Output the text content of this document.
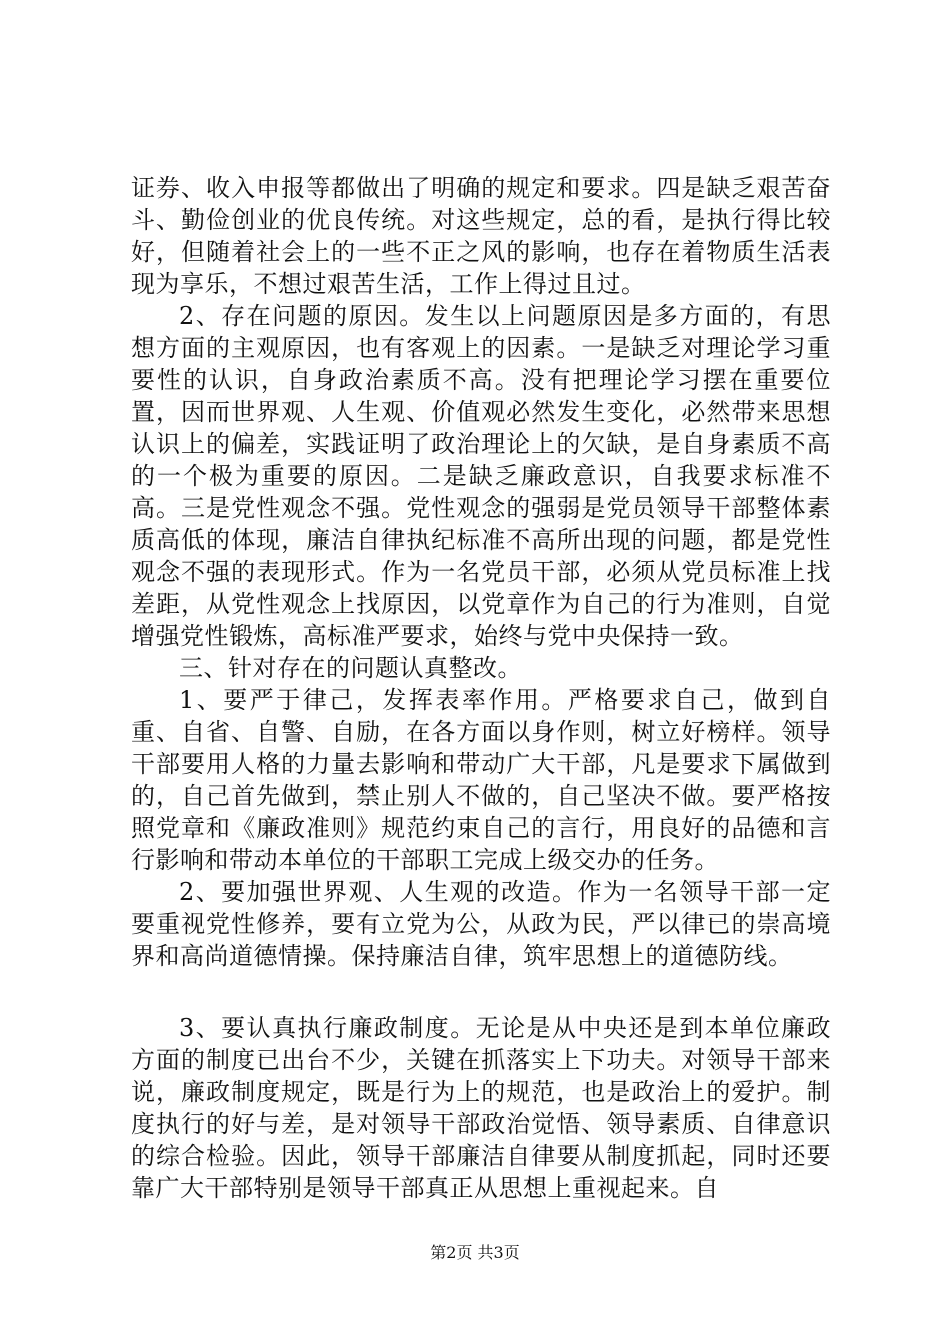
证券、收入申报等都做出了明确的规定和要求。四是缺乏艰苦奋斗、勤俭创业的优良传统。对这些规定，总的看，是执行得比较好，但随着社会上的一些不正之风的影响，也存在着物质生活表现为享乐，不想过艰苦生活，工作上得过且过。

2、存在问题的原因。发生以上问题原因是多方面的，有思想方面的主观原因，也有客观上的因素。一是缺乏对理论学习重要性的认识，自身政治素质不高。没有把理论学习摆在重要位置，因而世界观、人生观、价值观必然发生变化，必然带来思想认识上的偏差，实践证明了政治理论上的欠缺，是自身素质不高的一个极为重要的原因。二是缺乏廉政意识，自我要求标准不高。三是党性观念不强。党性观念的强弱是党员领导干部整体素质高低的体现，廉洁自律执纪标准不高所出现的问题，都是党性观念不强的表现形式。作为一名党员干部，必须从党员标准上找差距，从党性观念上找原因，以党章作为自己的行为准则，自觉增强党性锻炼，高标准严要求，始终与党中央保持一致。

三、针对存在的问题认真整改。

1、要严于律己，发挥表率作用。严格要求自己，做到自重、自省、自警、自励，在各方面以身作则，树立好榜样。领导干部要用人格的力量去影响和带动广大干部，凡是要求下属做到的，自己首先做到，禁止别人不做的，自己坚决不做。要严格按照党章和《廉政准则》规范约束自己的言行，用良好的品德和言行影响和带动本单位的干部职工完成上级交办的任务。

2、要加强世界观、人生观的改造。作为一名领导干部一定要重视党性修养，要有立党为公，从政为民，严以律已的崇高境界和高尚道德情操。保持廉洁自律，筑牢思想上的道德防线。

3、要认真执行廉政制度。无论是从中央还是到本单位廉政方面的制度已出台不少，关键在抓落实上下功夫。对领导干部来说，廉政制度规定，既是行为上的规范，也是政治上的爱护。制度执行的好与差，是对领导干部政治觉悟、领导素质、自律意识的综合检验。因此，领导干部廉洁自律要从制度抓起，同时还要靠广大干部特别是领导干部真正从思想上重视起来。自

第2页 共3页
